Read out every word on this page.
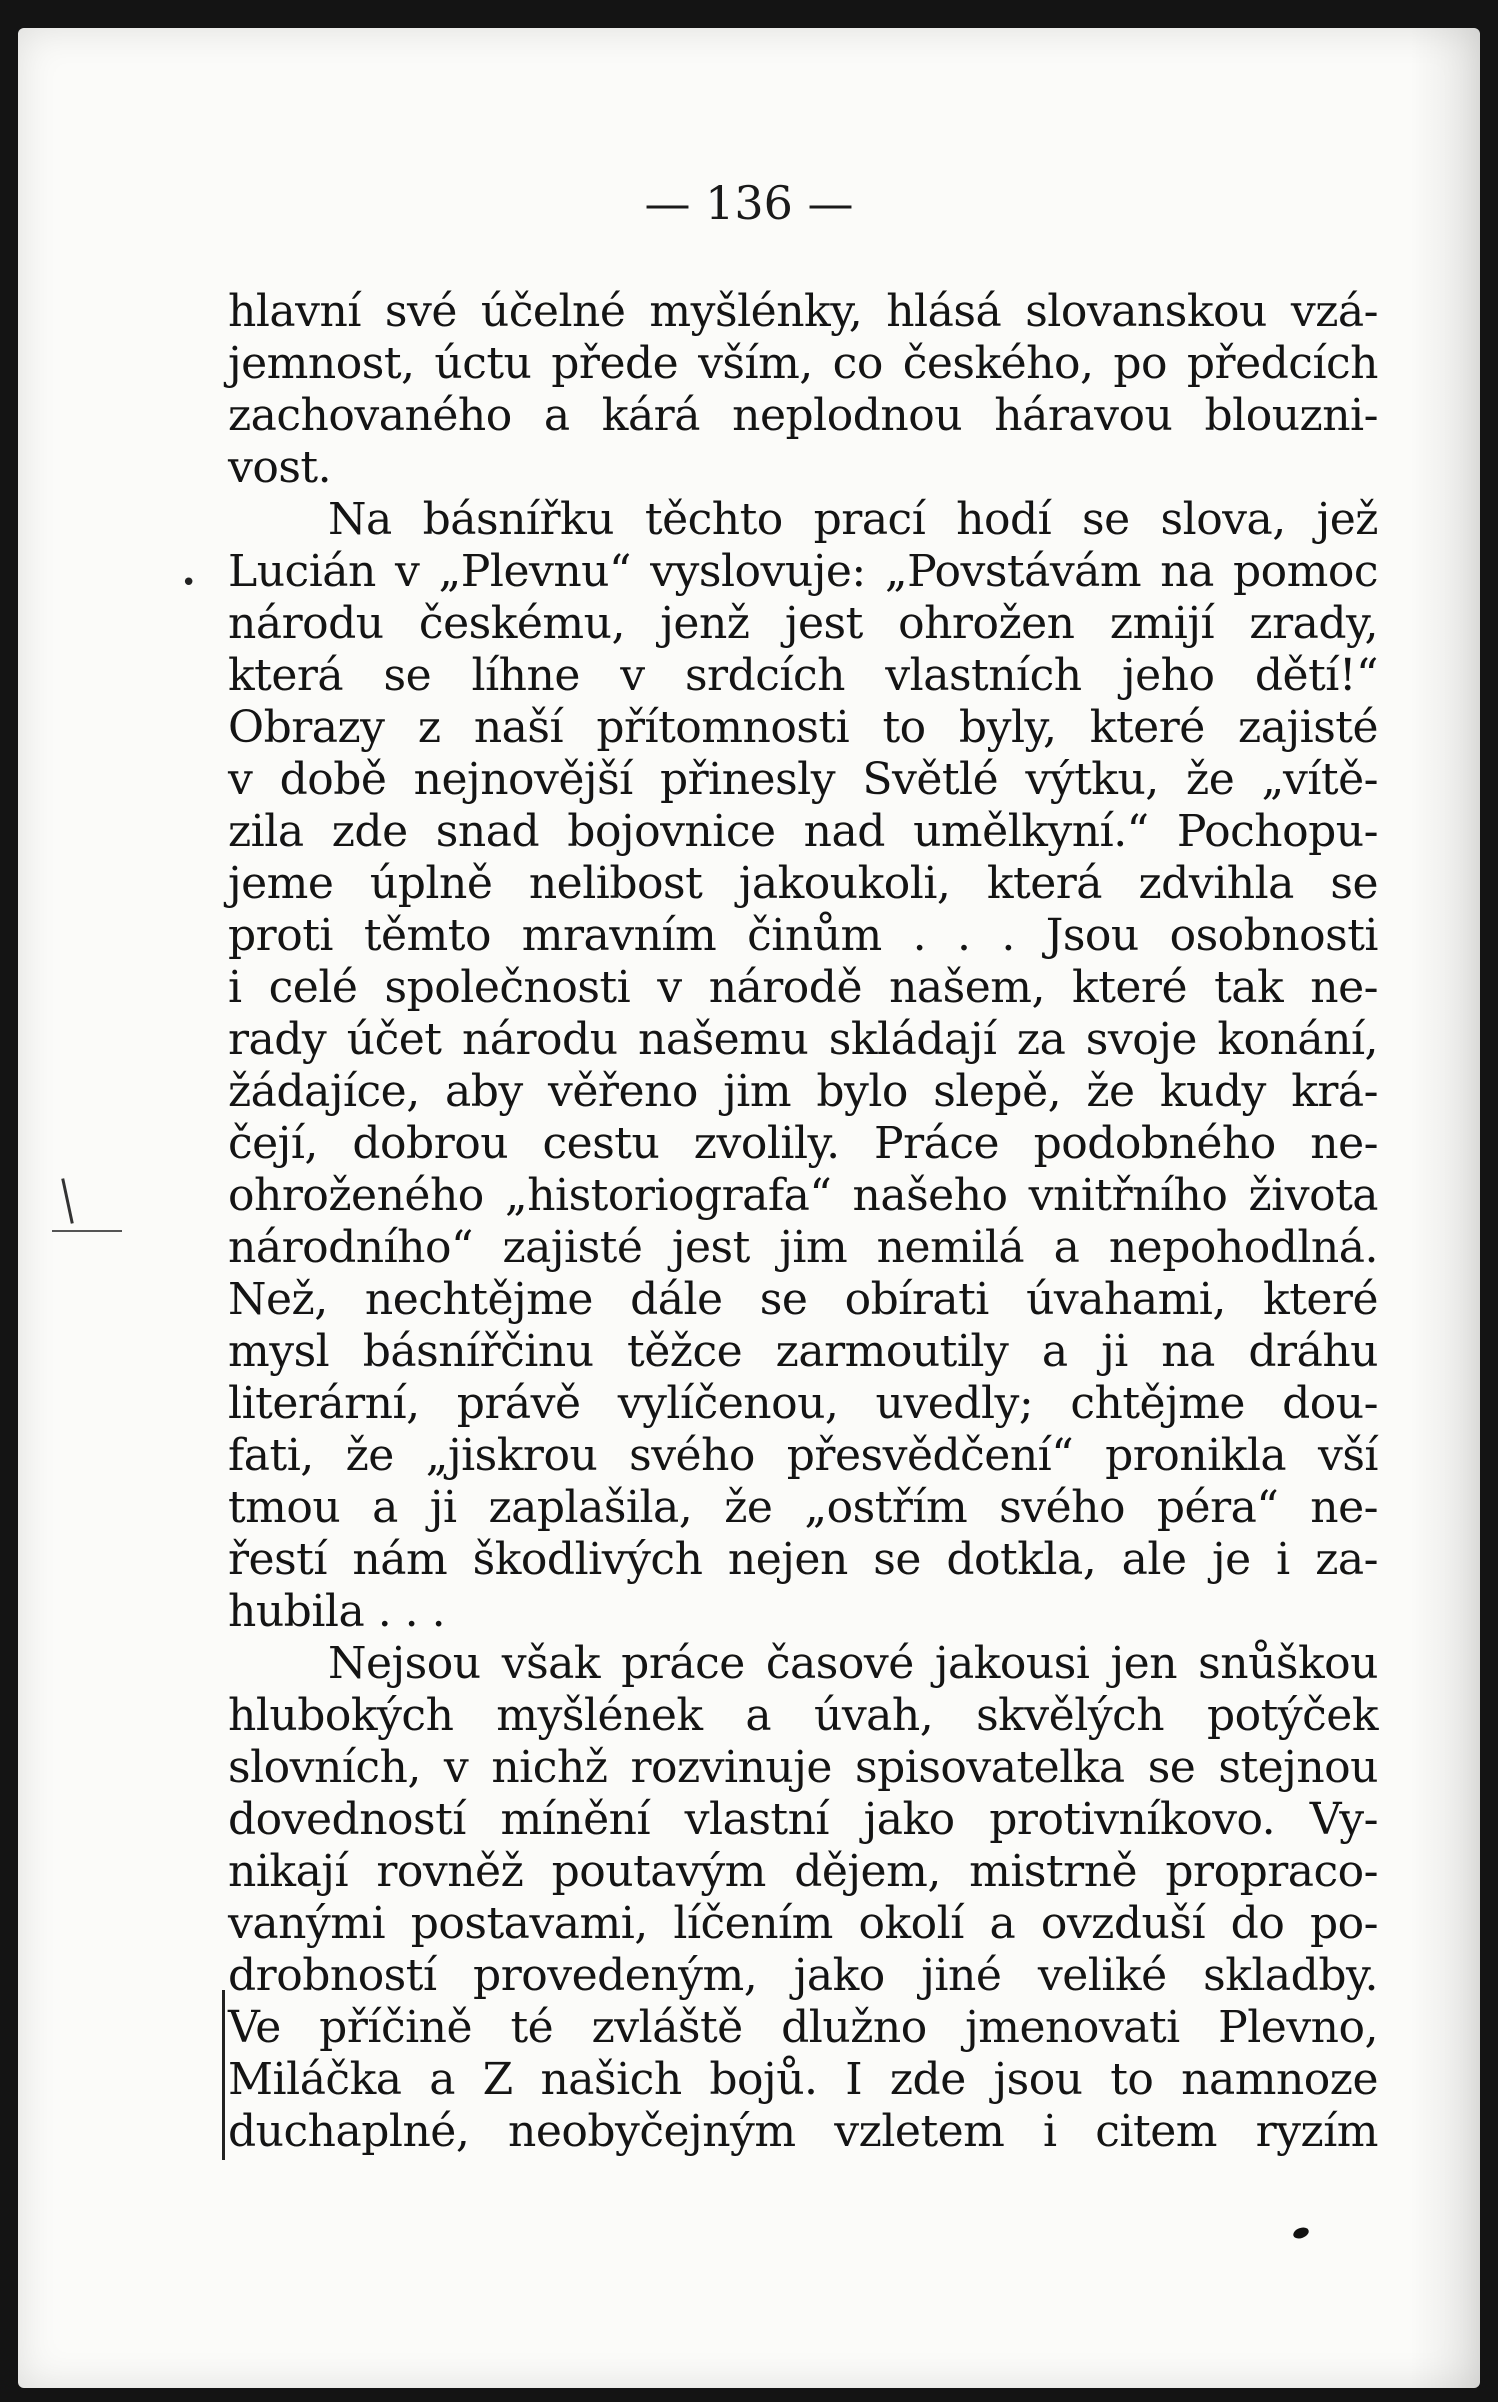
— 136 —
•
hlavní své účelné myšlénky, hlásá slovanskou vzá-
jemnost, úctu přede vším, co českého, po předcích
zachovaného a kárá neplodnou háravou blouzni-
vost.
Na básnířku těchto prací hodí se slova, jež
Lucián v „Plevnu“ vyslovuje: „Povstávám na pomoc
národu českému, jenž jest ohrožen zmijí zrady,
která se líhne v srdcích vlastních jeho dětí!“
Obrazy z naší přítomnosti to byly, které zajisté
v době nejnovější přinesly Světlé výtku, že „vítě-
zila zde snad bojovnice nad umělkyní.“ Pochopu-
jeme úplně nelibost jakoukoli, která zdvihla se
proti těmto mravním činům . . . Jsou osobnosti
i celé společnosti v národě našem, které tak ne-
rady účet národu našemu skládají za svoje konání,
žádajíce, aby věřeno jim bylo slepě, že kudy krá-
čejí, dobrou cestu zvolily. Práce podobného ne-
ohroženého „historiografa“ našeho vnitřního života
národního“ zajisté jest jim nemilá a nepohodlná.
Než, nechtějme dále se obírati úvahami, které
mysl básnířčinu těžce zarmoutily a ji na dráhu
literární, právě vylíčenou, uvedly; chtějme dou-
fati, že „jiskrou svého přesvědčení“ pronikla vší
tmou a ji zaplašila, že „ostřím svého péra“ ne-
řestí nám škodlivých nejen se dotkla, ale je i za-
hubila . . .
Nejsou však práce časové jakousi jen snůškou
hlubokých myšlének a úvah, skvělých potýček
slovních, v nichž rozvinuje spisovatelka se stejnou
dovedností mínění vlastní jako protivníkovo. Vy-
nikají rovněž poutavým dějem, mistrně propraco-
vanými postavami, líčením okolí a ovzduší do po-
drobností provedeným, jako jiné veliké skladby.
Ve příčině té zvláště dlužno jmenovati Plevno,
Miláčka a Z našich bojů. I zde jsou to namnoze
duchaplné, neobyčejným vzletem i citem ryzím
